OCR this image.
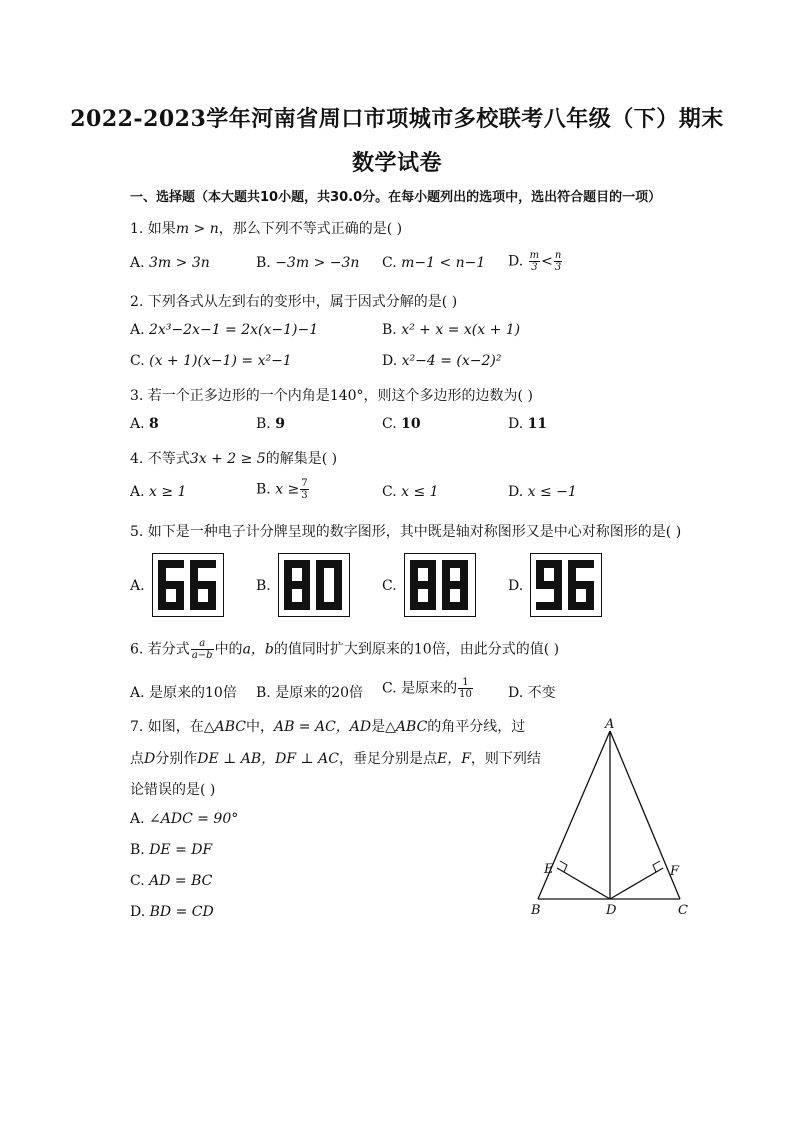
2022-2023学年河南省周口市项城市多校联考八年级（下）期末
数学试卷
一、选择题（本大题共10小题，共30.0分。在每小题列出的选项中，选出符合题目的一项）
1. 如果m > n，那么下列不等式正确的是( )
A. 3m > 3n	B. −3m > −3n C. m−1 < n−1 D. $\frac{m}{3} < \frac{n}{3}$
2. 下列各式从左到右的变形中，属于因式分解的是( )
A. 2x³−2x−1 = 2x(x−1)−1	B. x² + x = x(x + 1)
C. (x + 1)(x−1) = x²−1	D. x²−4 = (x−2)²
3. 若一个正多边形的一个内角是140°，则这个多边形的边数为( )
A. 8	B. 9	C. 10	D. 11
4. 不等式3x + 2 ≥ 5的解集是( )
A. x ≥ 1	B. $x \ge \frac{7}{3}$	C. x ≤ 1	D. x ≤ −1
5. 如下是一种电子计分牌呈现的数字图形，其中既是轴对称图形又是中心对称图形的是( )
A.	B.	C.	D.
6. 若分式 $\frac{a}{a-b}$ 中的a，b的值同时扩大到原来的10倍，由此分式的值( )
A. 是原来的10倍 B. 是原来的20倍 C. 是原来的 $\frac{1}{10}$	D. 不变
7. 如图，在△ABC中，AB = AC，AD是△ABC的角平分线，过
点D分别作DE ⊥ AB，DF ⊥ AC，垂足分别是点E，F，则下列结
论错误的是( )
A. ∠ADC = 90°
B. DE = DF
C. AD = BC
D. BD = CD
A
B	C
D
E	F
